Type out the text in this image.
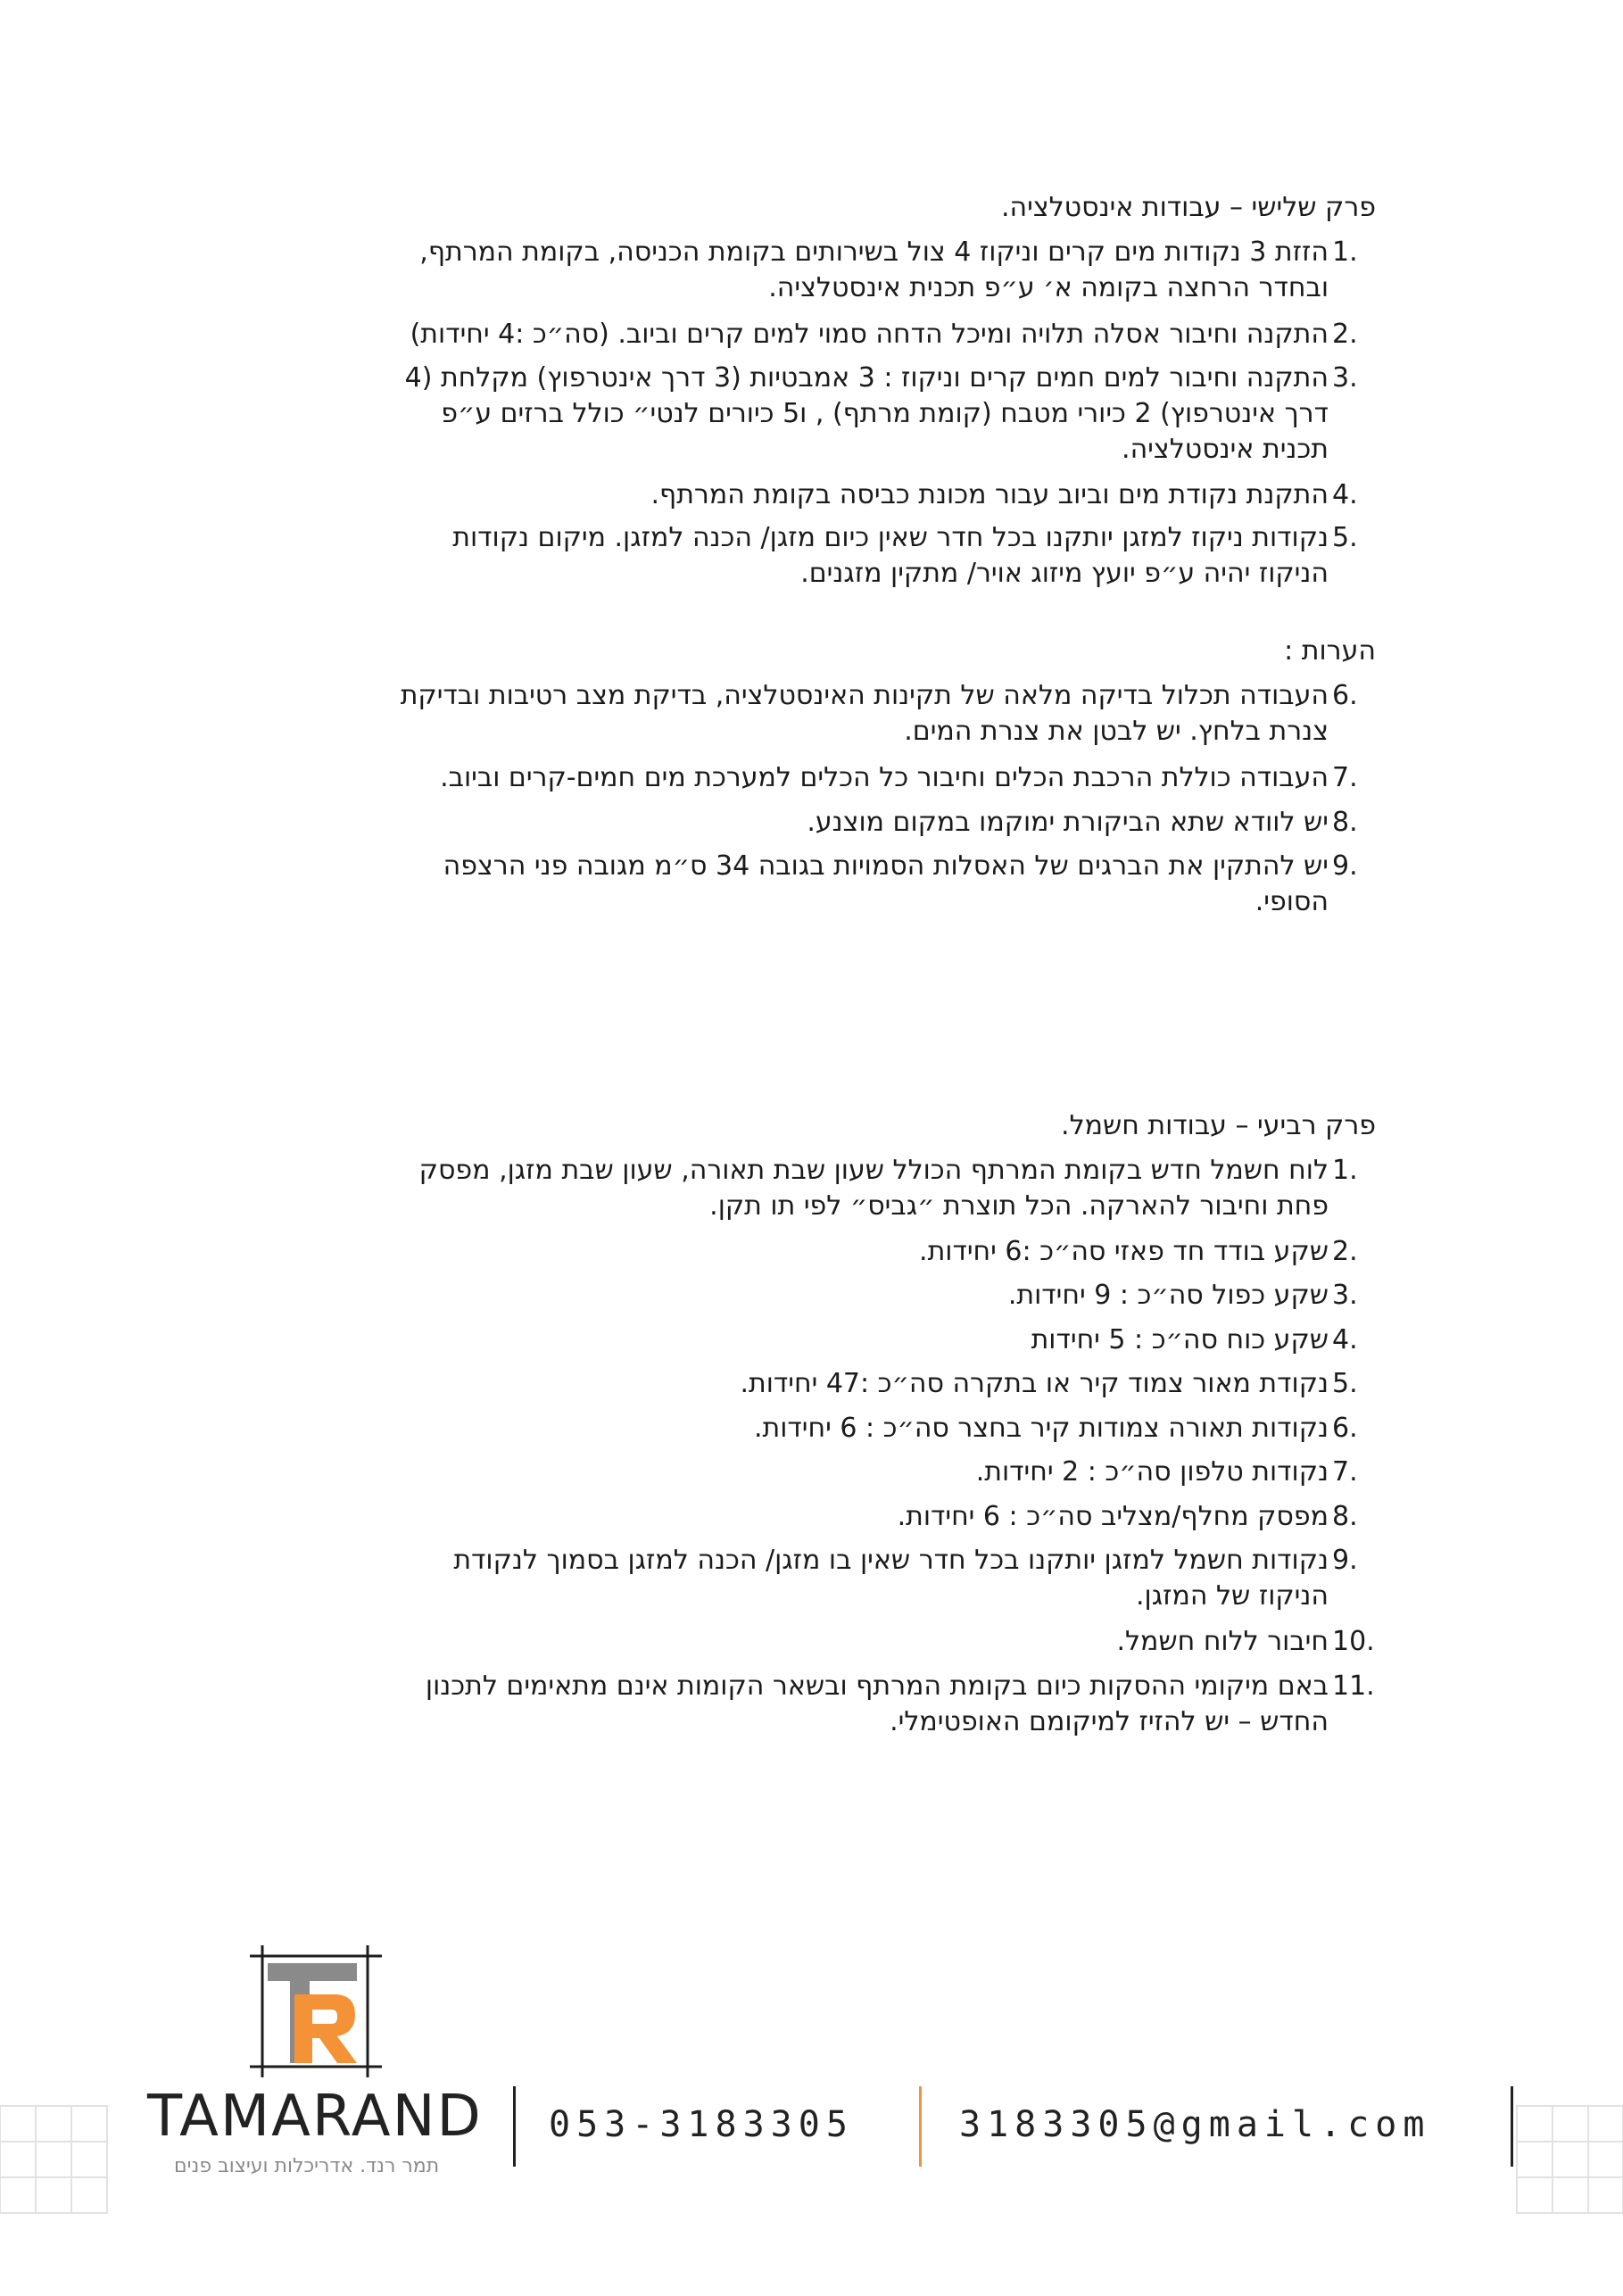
פרק שלישי – עבודות אינסטלציה.
1.
הזזת 3 נקודות מים קרים וניקוז 4 צול בשירותים בקומת הכניסה, בקומת המרתף, ובחדר הרחצה בקומה א׳ ע״פ תכנית אינסטלציה.
2.
התקנה וחיבור אסלה תלויה ומיכל הדחה סמוי למים קרים וביוב. (סה״כ :4 יחידות)
3.
התקנה וחיבור למים חמים קרים וניקוז : 3 אמבטיות (3 דרך אינטרפוץ) מקלחת (4 דרך אינטרפוץ) 2 כיורי מטבח (קומת מרתף) , ו5 כיורים לנטי״ כולל ברזים ע״פ תכנית אינסטלציה.
4.
התקנת נקודת מים וביוב עבור מכונת כביסה בקומת המרתף.
5.
נקודות ניקוז למזגן יותקנו בכל חדר שאין כיום מזגן/ הכנה למזגן. מיקום נקודות הניקוז יהיה ע״פ יועץ מיזוג אויר/ מתקין מזגנים.
הערות :
6.
העבודה תכלול בדיקה מלאה של תקינות האינסטלציה, בדיקת מצב רטיבות ובדיקת צנרת בלחץ. יש לבטן את צנרת המים.
7.
העבודה כוללת הרכבת הכלים וחיבור כל הכלים למערכת מים חמים-קרים וביוב.
8.
יש לוודא שתא הביקורת ימוקמו במקום מוצנע.
9.
יש להתקין את הברגים של האסלות הסמויות בגובה 34 ס״מ מגובה פני הרצפה הסופי.
פרק רביעי – עבודות חשמל.
1.
לוח חשמל חדש בקומת המרתף הכולל שעון שבת תאורה, שעון שבת מזגן, מפסק פחת וחיבור להארקה. הכל תוצרת ״גביס״ לפי תו תקן.
2.
שקע בודד חד פאזי סה״כ :6 יחידות.
3.
שקע כפול סה״כ : 9 יחידות.
4.
שקע כוח סה״כ : 5 יחידות
5.
נקודת מאור צמוד קיר או בתקרה סה״כ :47 יחידות.
6.
נקודות תאורה צמודות קיר בחצר סה״כ : 6 יחידות.
7.
נקודות טלפון סה״כ : 2 יחידות.
8.
מפסק מחלף/מצליב סה״כ : 6 יחידות.
9.
נקודות חשמל למזגן יותקנו בכל חדר שאין בו מזגן/ הכנה למזגן בסמוך לנקודת הניקוז של המזגן.
10.
חיבור ללוח חשמל.
11.
באם מיקומי ההסקות כיום בקומת המרתף ובשאר הקומות אינם מתאימים לתכנון החדש – יש להזיז למיקומם האופטימלי.
TAMARAND
תמר רנד. אדריכלות ועיצוב פנים
053-3183305	3183305@gmail.com
